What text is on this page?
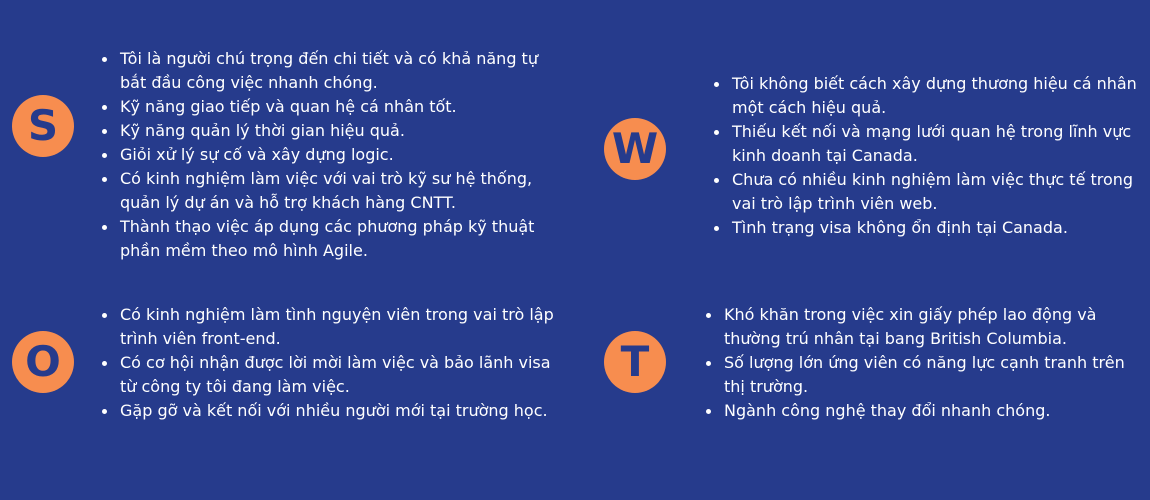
S
Tôi là người chú trọng đến chi tiết và có khả năng tự bắt đầu công việc nhanh chóng.
Kỹ năng giao tiếp và quan hệ cá nhân tốt.
Kỹ năng quản lý thời gian hiệu quả.
Giỏi xử lý sự cố và xây dựng logic.
Có kinh nghiệm làm việc với vai trò kỹ sư hệ thống, quản lý dự án và hỗ trợ khách hàng CNTT.
Thành thạo việc áp dụng các phương pháp kỹ thuật phần mềm theo mô hình Agile.
W
Tôi không biết cách xây dựng thương hiệu cá nhân một cách hiệu quả.
Thiếu kết nối và mạng lưới quan hệ trong lĩnh vực kinh doanh tại Canada.
Chưa có nhiều kinh nghiệm làm việc thực tế trong vai trò lập trình viên web.
Tình trạng visa không ổn định tại Canada.
O
Có kinh nghiệm làm tình nguyện viên trong vai trò lập trình viên front-end.
Có cơ hội nhận được lời mời làm việc và bảo lãnh visa từ công ty tôi đang làm việc.
Gặp gỡ và kết nối với nhiều người mới tại trường học.
T
Khó khăn trong việc xin giấy phép lao động và thường trú nhân tại bang British Columbia.
Số lượng lớn ứng viên có năng lực cạnh tranh trên thị trường.
Ngành công nghệ thay đổi nhanh chóng.
